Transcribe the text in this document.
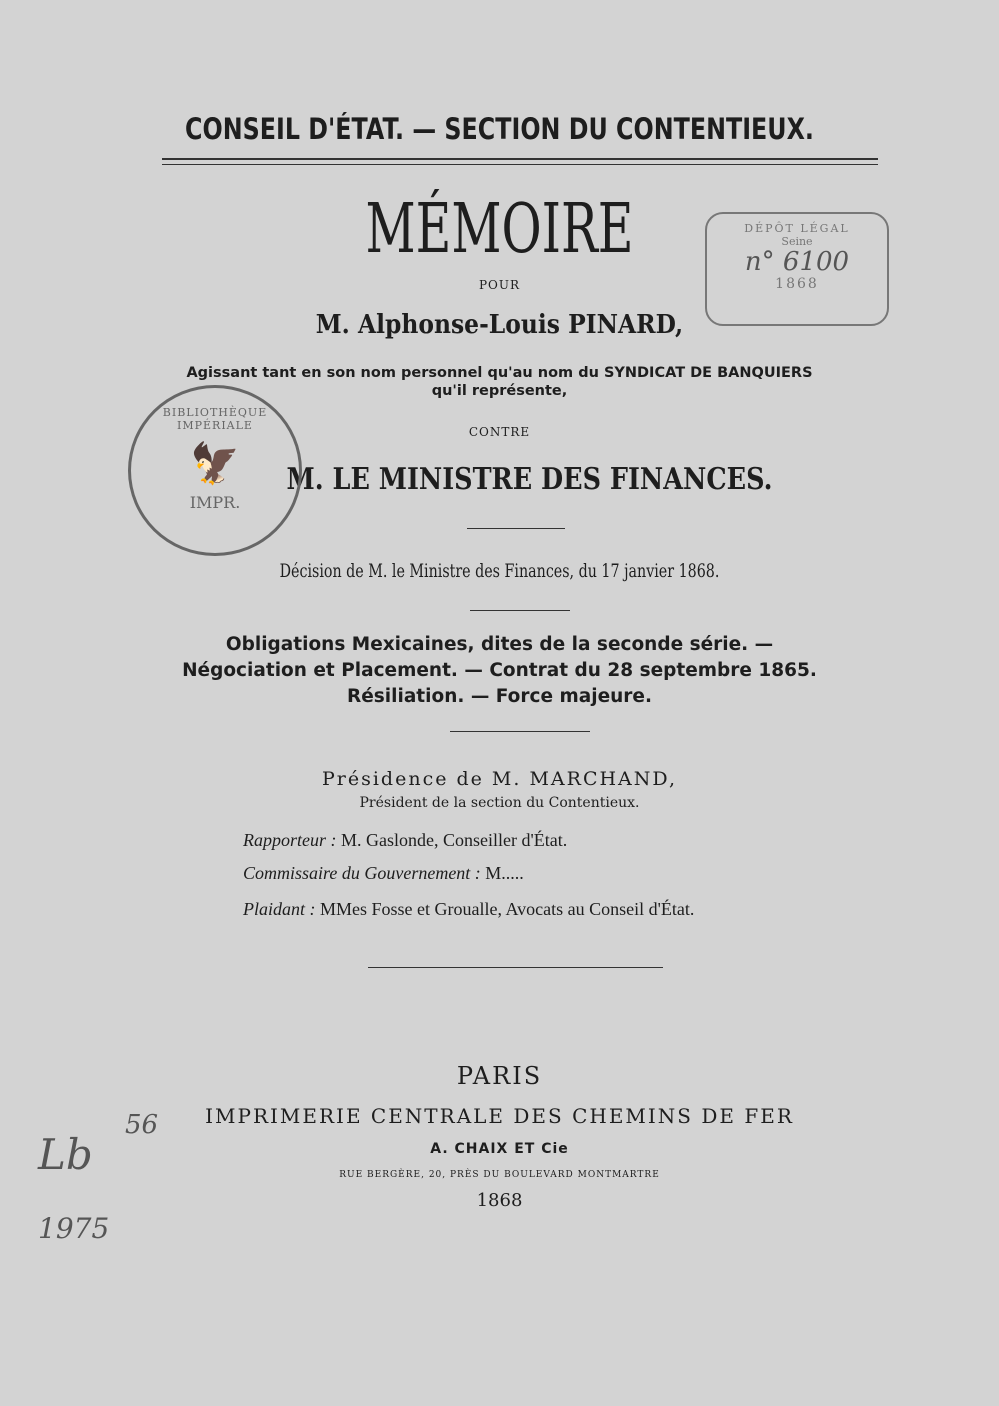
CONSEIL D'ÉTAT. — SECTION DU CONTENTIEUX.
MÉMOIRE
POUR
M. Alphonse-Louis PINARD,
Agissant tant en son nom personnel qu'au nom du SYNDICAT DE BANQUIERS
qu'il représente,
CONTRE
M. LE MINISTRE DES FINANCES.
Décision de M. le Ministre des Finances, du 17 janvier 1868.
Obligations Mexicaines, dites de la seconde série. —
Négociation et Placement. — Contrat du 28 septembre 1865.
Résiliation. — Force majeure.
Présidence de M. MARCHAND,
Président de la section du Contentieux.
Rapporteur : M. Gaslonde, Conseiller d'État.
Commissaire du Gouvernement : M.....
Plaidant : MMes Fosse et Groualle, Avocats au Conseil d'État.
PARIS
IMPRIMERIE CENTRALE DES CHEMINS DE FER
A. CHAIX ET Cie
RUE BERGÈRE, 20, PRÈS DU BOULEVARD MONTMARTRE
1868
DÉPÔT LÉGAL
Seine
n° 6100
1868
BIBLIOTHÈQUE IMPÉRIALE
🦅
IMPR.
Lb
56
1975
